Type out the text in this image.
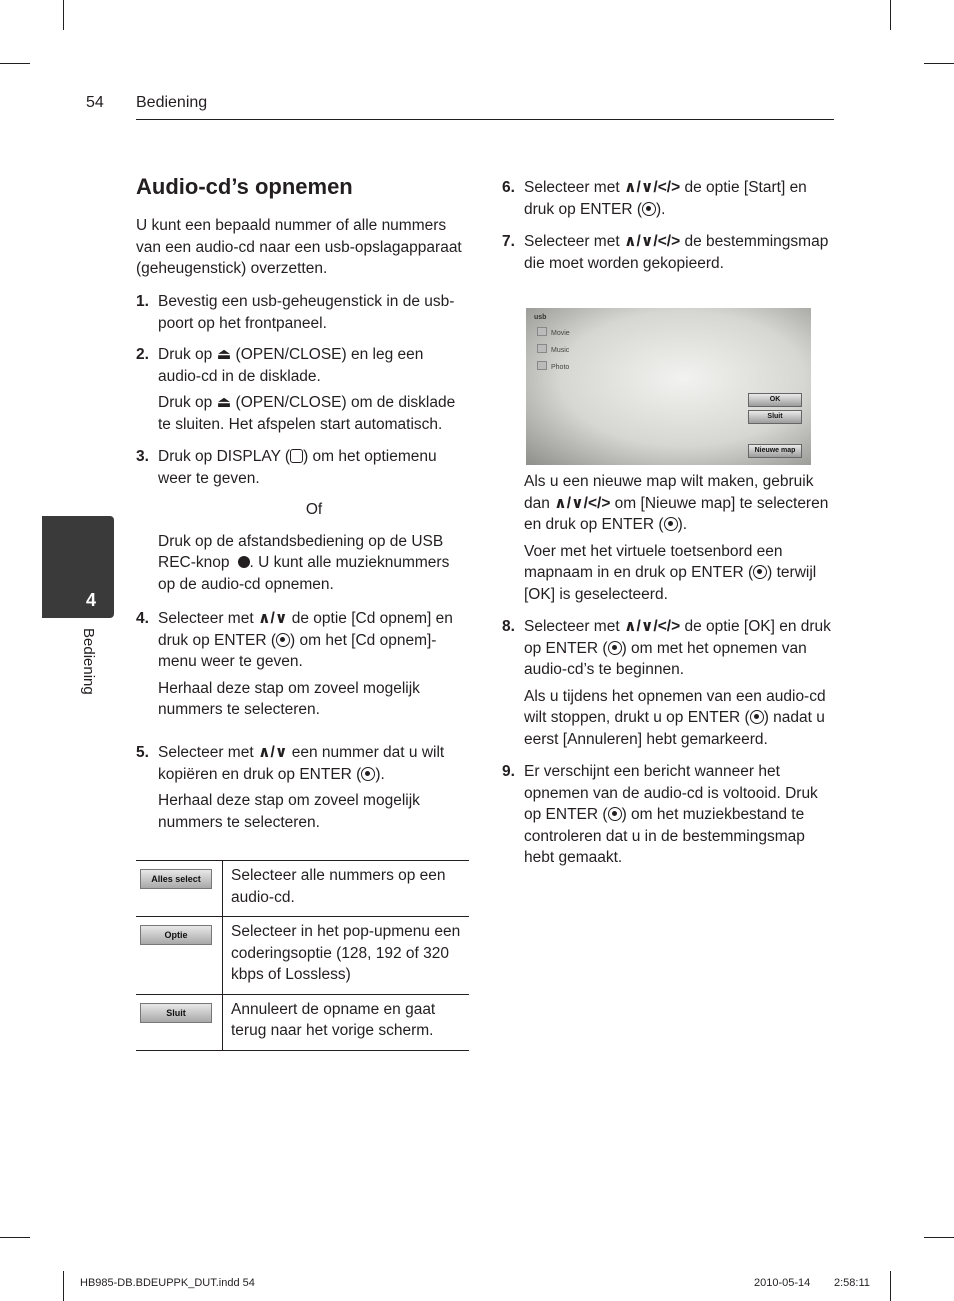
54 Bediening
4
Bediening
Audio-cd’s opnemen
U kunt een bepaald nummer of alle nummers van een audio-cd naar een usb-opslagapparaat (geheugenstick) overzetten.
1. Bevestig een usb-geheugenstick in de usb-poort op het frontpaneel.

2. Druk op ⏏ (OPEN/CLOSE) en leg een audio-cd in de disklade.

Druk op ⏏ (OPEN/CLOSE) om de disklade te sluiten. Het afspelen start automatisch.

3. Druk op DISPLAY ( ) om het optiemenu weer te geven.

Of

Druk op de afstandsbediening op de USB REC-knop . U kunt alle muzieknummers op de audio-cd opnemen.

4. Selecteer met ∧/∨ de optie [Cd opnem] en druk op ENTER ( ) om het [Cd opnem]-menu weer te geven.

Herhaal deze stap om zoveel mogelijk nummers te selecteren.

5. Selecteer met ∧/∨ een nummer dat u wilt kopiëren en druk op ENTER ( ).

Herhaal deze stap om zoveel mogelijk nummers te selecteren.

Alles select	Selecteer alle nummers op een audio-cd.
Optie	Selecteer in het pop-upmenu een coderingsoptie (128, 192 of 320 kbps of Lossless)
Sluit	Annuleert de opname en gaat terug naar het vorige scherm.
6. Selecteer met ∧/∨/</> de optie [Start] en druk op ENTER ( ).

7. Selecteer met ∧/∨/</> de bestemmingsmap die moet worden gekopieerd.

usb
Movie
Music
Photo
OK
Sluit
Nieuwe map

Als u een nieuwe map wilt maken, gebruik dan ∧/∨/</> om [Nieuwe map] te selecteren en druk op ENTER ( ).

Voer met het virtuele toetsenbord een mapnaam in en druk op ENTER ( ) terwijl [OK] is geselecteerd.

8. Selecteer met ∧/∨/</> de optie [OK] en druk op ENTER ( ) om met het opnemen van audio-cd’s te beginnen.

Als u tijdens het opnemen van een audio-cd wilt stoppen, drukt u op ENTER ( ) nadat u eerst [Annuleren] hebt gemarkeerd.

9. Er verschijnt een bericht wanneer het opnemen van de audio-cd is voltooid. Druk op ENTER ( ) om het muziekbestand te controleren dat u in de bestemmingsmap hebt gemaakt.

HB985-DB.BDEUPPK_DUT.indd 54	2010-05-14 2:58:11
